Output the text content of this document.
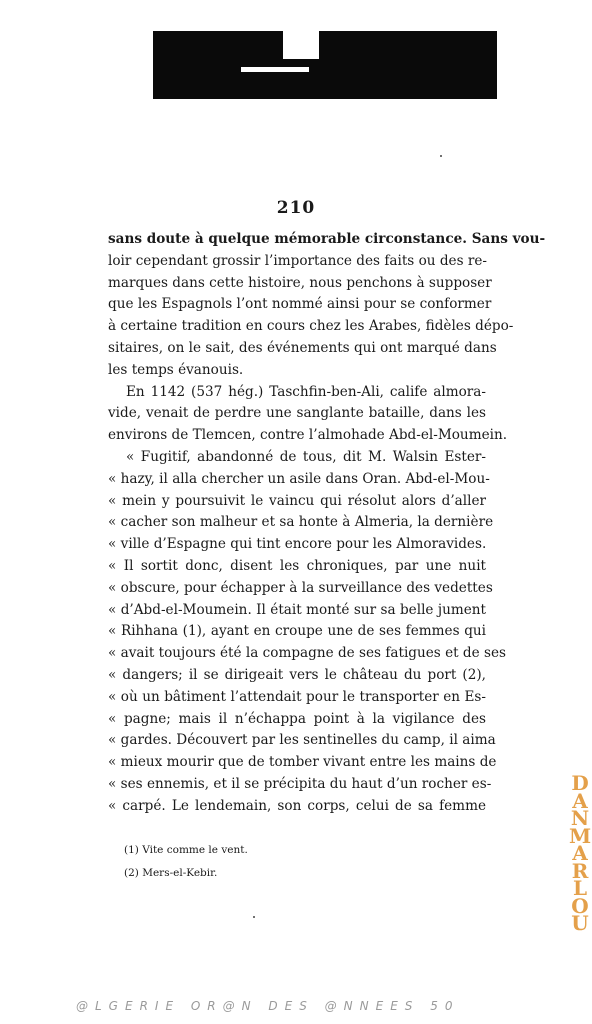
210
sans doute à quelque mémorable circonstance. Sans vou-
loir cependant grossir l’importance des faits ou des re-
marques dans cette histoire, nous penchons à supposer
que les Espagnols l’ont nommé ainsi pour se conformer
à certaine tradition en cours chez les Arabes, fidèles dépo-
sitaires, on le sait, des événements qui ont marqué dans
les temps évanouis.
En 1142 (537 hég.) Taschfin-ben-Ali, calife almora-
vide, venait de perdre une sanglante bataille, dans les
environs de Tlemcen, contre l’almohade Abd-el-Moumein.
« Fugitif, abandonné de tous, dit M. Walsin Ester-
« hazy, il alla chercher un asile dans Oran. Abd-el-Mou-
« mein y poursuivit le vaincu qui résolut alors d’aller
« cacher son malheur et sa honte à Almeria, la dernière
« ville d’Espagne qui tint encore pour les Almoravides.
« Il sortit donc, disent les chroniques, par une nuit
« obscure, pour échapper à la surveillance des vedettes
« d’Abd-el-Moumein. Il était monté sur sa belle jument
« Rihhana (1), ayant en croupe une de ses femmes qui
« avait toujours été la compagne de ses fatigues et de ses
« dangers; il se dirigeait vers le château du port (2),
« où un bâtiment l’attendait pour le transporter en Es-
« pagne; mais il n’échappa point à la vigilance des
« gardes. Découvert par les sentinelles du camp, il aima
« mieux mourir que de tomber vivant entre les mains de
« ses ennemis, et il se précipita du haut d’un rocher es-
« carpé. Le lendemain, son corps, celui de sa femme
(1) Vite comme le vent.
(2) Mers-el-Kebir.
DANMARLOU
@LGERIE OR@N DES @NNEES 50
